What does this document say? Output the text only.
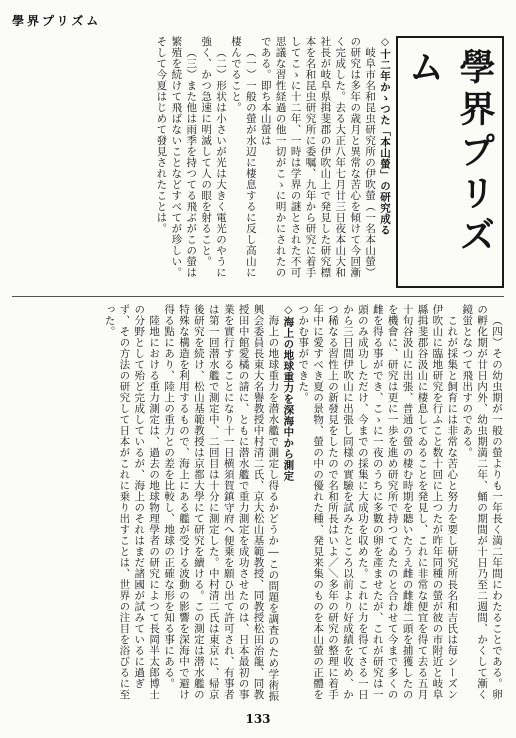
學界プリズム
學界プリズム
◇十二年かゝつた「本山螢」の研究成る

岐阜市名和昆虫研究所の伊吹螢（一名本山螢）の研究は多年の歳月と異常な苦心を傾けて今回漸く完成した。去る大正八年七月廿三日夜本山大和社長が岐阜県揖斐郡の伊吹山上で発見した研究標本を名和昆虫研究所に委嘱、九年から研究に着手してこゝに十二年、一時は学界の謎とされた不可思議な習性経過の他一切がこゝに明かにされたのである。即ち本山螢は

（一）一般の螢が水辺に棲息するに反し高山に棲んでること。

（二）形状は小さいが光は大きく電光のやうに強く、かつ急速に明滅して人の眼を射ること。

（三）また他は雨季を持つてる飛ぶがこの螢は繁殖を続けて飛ばないことなどすべてが珍しい。そして今夏はじめて發見されたことは。

（四）その幼虫期が一般の螢よりも一年長く満二年間にわたることである。卵の孵化期が廿日内外、幼虫期満二年、蛹の期間が十日乃至二週間、かくして漸く鏡蛍となつて飛出すのである。

これが採集と飼育には非常な苦心と努力を要し研究所長名和吉氏は毎シーズン伊吹山に臨地研究を行ふこと数十回に上つたが昨年同種の螢が彼の市附近と岐阜縣揖斐郡谷汲山に棲息してゐることを発見し、これに非常な便宜を得て去る五月十旬谷汲山に出張、普通の螢の棲む時期を聽いたうえ雌の雌雄二頭を捕獲したのを機會に、研究は更に一歩を進め研究所で持つてゐたのと合わせて今まで多くの雌を得る事ができ、こゝに一夜のうちに多數の卵を產ませたが、これが研究は一頭のみ成功しただけ、今までの採集に大成功を収めた。これに力を得てさる一日から三日間伊吹山に出張し同様の實驗を試みたところ以前より好成績を收め、かつ稀なる習性上の新發見をしたので名和所長はいよ／＼多年の研究の整理に着手年中に愛すべき夏の景物、螢の中の優れた種、発見来集のものを本山螢の正體をつかむ事ができた。

◇海上の地球重力を深海中から測定

海上の地球重力を潜水艦で測定し得るかどうか―この問題を調査のため学術振興会委員長東大名譽教授中村清二氏、京大松山基範教授、同教授松田治龍、同教授田中館愛橘の請に、ともに潜水艦で重力測定を成功させたのは、日本最初の事業を實行することになり十一日横須賀鎮守府へ便乗を願ひ出て許可され、有事者は第一回潜水艦で測定中、二回目は十分に測定した。中村清二氏は東京に、帰京後研究を続け、松山基範教授は京都大學にて研究を續ける。この測定は潜水艦の特殊な構造を利用するもので、海上にある艦が受ける波動の影響を深海中で避け得る點にあり、陸上の重力との差を比較し、地球の正確な形を知る事にある。

陸地における重力測定は、過去の地球物理學者の研究によつて長岡半太郎博士の分野として殆ど完成しているが、海上のそれはまだ諸國が試みているに過ぎず、その方法の研究して日本がこれに乗り出すことは、世界の注目を浴びるに至った。

133
